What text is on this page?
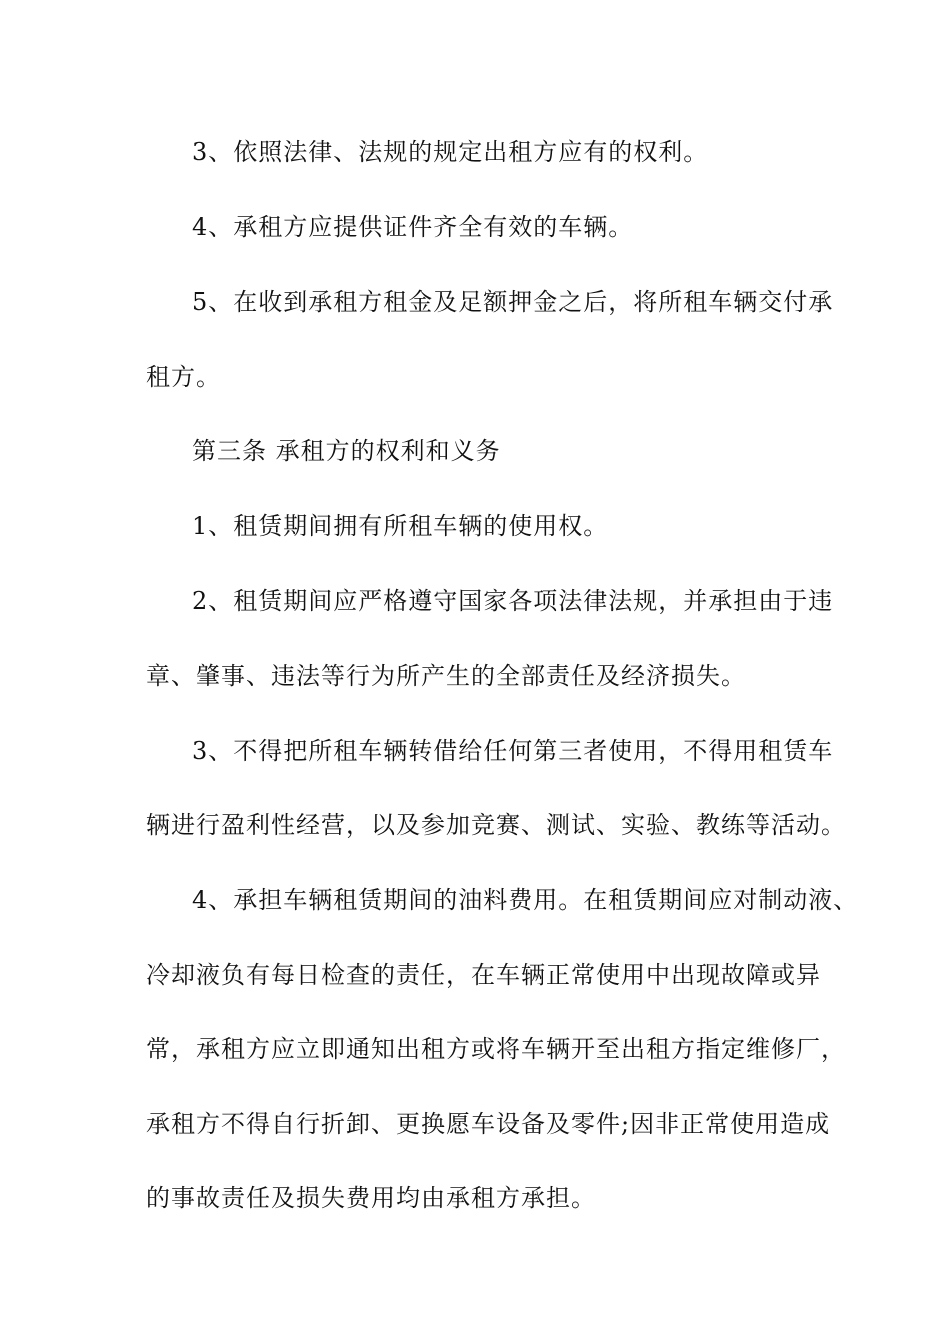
3、依照法律、法规的规定出租方应有的权利。
4、承租方应提供证件齐全有效的车辆。
5、在收到承租方租金及足额押金之后，将所租车辆交付承
租方。
第三条 承租方的权利和义务
1、租赁期间拥有所租车辆的使用权。
2、租赁期间应严格遵守国家各项法律法规，并承担由于违
章、肇事、违法等行为所产生的全部责任及经济损失。
3、不得把所租车辆转借给任何第三者使用，不得用租赁车
辆进行盈利性经营，以及参加竞赛、测试、实验、教练等活动。
4、承担车辆租赁期间的油料费用。在租赁期间应对制动液、
冷却液负有每日检查的责任，在车辆正常使用中出现故障或异
常，承租方应立即通知出租方或将车辆开至出租方指定维修厂，
承租方不得自行折卸、更换愿车设备及零件;因非正常使用造成
的事故责任及损失费用均由承租方承担。
